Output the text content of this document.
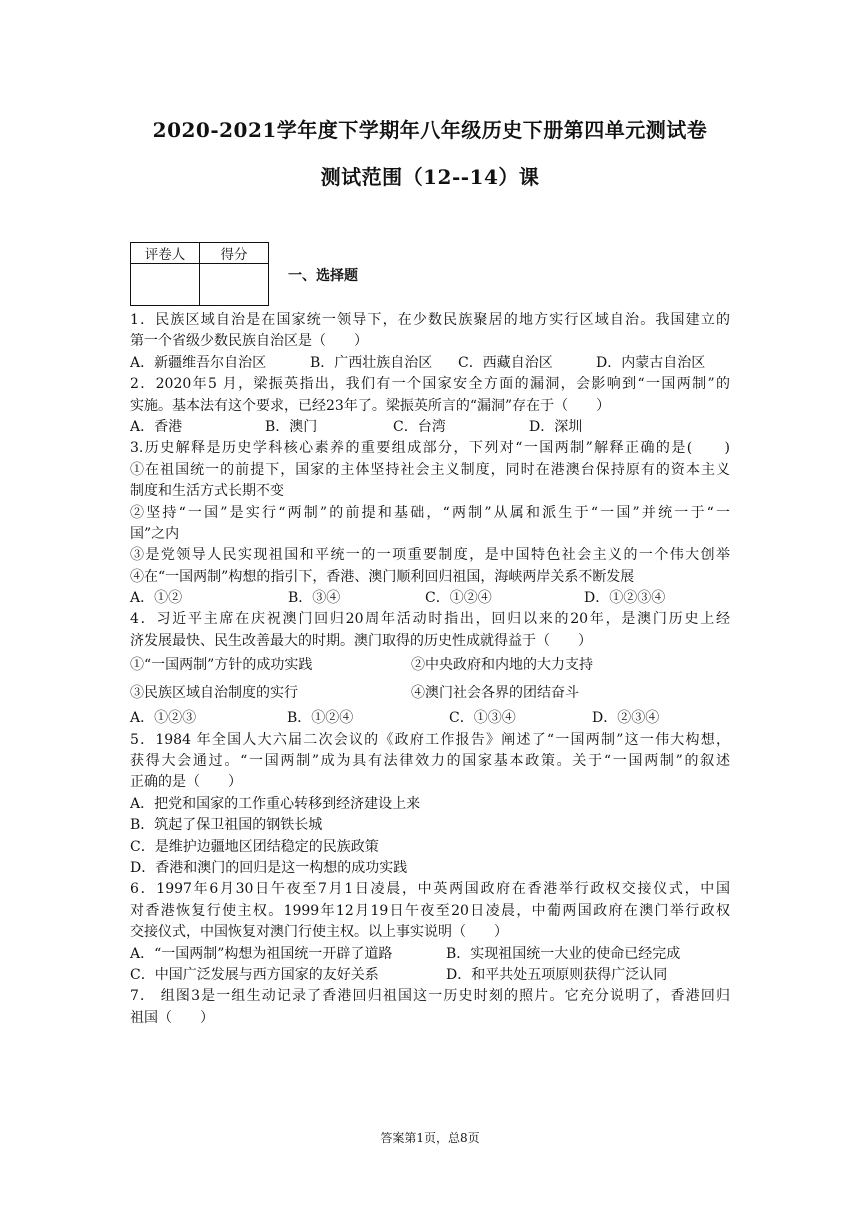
2020-2021学年度下学期年八年级历史下册第四单元测试卷
测试范围（12--14）课
评卷人	得分

一、选择题
1．民族区域自治是在国家统一领导下，在少数民族聚居的地方实行区域自治。我国建立的
第一个省级少数民族自治区是（　　）
A．新疆维吾尔自治区	B．广西壮族自治区	C．西藏自治区	D．内蒙古自治区
2．2020年5 月，梁振英指出，我们有一个国家安全方面的漏洞，会影响到“一国两制”的
实施。基本法有这个要求，已经23年了。梁振英所言的“漏洞”存在于（　　）
A．香港	B．澳门	C．台湾	D．深圳
3.历史解释是历史学科核心素养的重要组成部分，下列对“一国两制”解释正确的是(　　)
①在祖国统一的前提下，国家的主体坚持社会主义制度，同时在港澳台保持原有的资本主义
制度和生活方式长期不变
②坚持“一国”是实行“两制”的前提和基础，“两制”从属和派生于“一国”并统一于“一
国”之内
③是党领导人民实现祖国和平统一的一项重要制度，是中国特色社会主义的一个伟大创举
④在“一国两制”构想的指引下，香港、澳门顺利回归祖国，海峡两岸关系不断发展
A．①②	B．③④	C．①②④	D．①②③④
4．习近平主席在庆祝澳门回归20周年活动时指出，回归以来的20年，是澳门历史上经
济发展最快、民生改善最大的时期。澳门取得的历史性成就得益于（　　）
①“一国两制”方针的成功实践	②中央政府和内地的大力支持
③民族区域自治制度的实行	④澳门社会各界的团结奋斗
A．①②③	B．①②④	C．①③④	D．②③④
5．1984 年全国人大六届二次会议的《政府工作报告》阐述了“一国两制”这一伟大构想，
获得大会通过。“一国两制”成为具有法律效力的国家基本政策。关于“一国两制”的叙述
正确的是（　　）
A．把党和国家的工作重心转移到经济建设上来
B．筑起了保卫祖国的钢铁长城
C．是维护边疆地区团结稳定的民族政策
D．香港和澳门的回归是这一构想的成功实践
6．1997年6月30日午夜至7月1日凌晨，中英两国政府在香港举行政权交接仪式，中国
对香港恢复行使主权。1999年12月19日午夜至20日凌晨，中葡两国政府在澳门举行政权
交接仪式，中国恢复对澳门行使主权。以上事实说明（　　）
A．“一国两制”构想为祖国统一开辟了道路	B．实现祖国统一大业的使命已经完成
C．中国广泛发展与西方国家的友好关系	D．和平共处五项原则获得广泛认同
7． 组图3是一组生动记录了香港回归祖国这一历史时刻的照片。它充分说明了，香港回归
祖国（　　）
答案第1页，总8页
